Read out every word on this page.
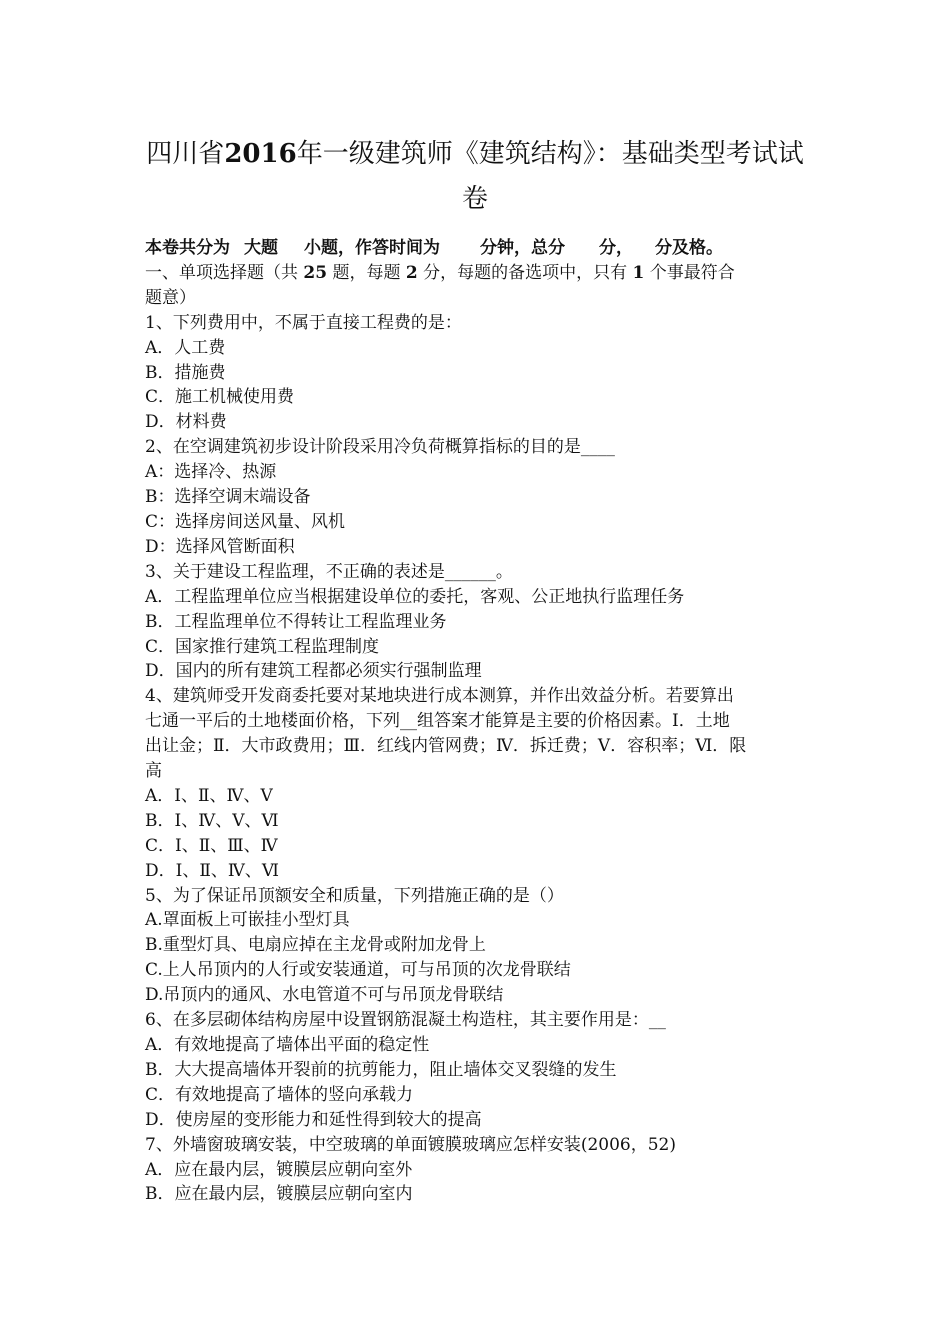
四川省2016年一级建筑师《建筑结构》：基础类型考试试
卷
本卷共分为 大题 小题，作答时间为 分钟，总分 分， 分及格。
一、单项选择题（共 25 题，每题 2 分，每题的备选项中，只有 1 个事最符合
题意）
1、下列费用中，不属于直接工程费的是：
A．人工费
B．措施费
C．施工机械使用费
D．材料费
2、在空调建筑初步设计阶段采用冷负荷概算指标的目的是____
A：选择冷、热源
B：选择空调末端设备
C：选择房间送风量、风机
D：选择风管断面积
3、关于建设工程监理，不正确的表述是______。
A．工程监理单位应当根据建设单位的委托，客观、公正地执行监理任务
B．工程监理单位不得转让工程监理业务
C．国家推行建筑工程监理制度
D．国内的所有建筑工程都必须实行强制监理
4、建筑师受开发商委托要对某地块进行成本测算，并作出效益分析。若要算出
七通一平后的土地楼面价格，下列__组答案才能算是主要的价格因素。Ⅰ．土地
出让金；Ⅱ．大市政费用；Ⅲ．红线内管网费；Ⅳ．拆迁费；Ⅴ．容积率；Ⅵ．限
高
A．Ⅰ、Ⅱ、Ⅳ、Ⅴ
B．Ⅰ、Ⅳ、Ⅴ、Ⅵ
C．Ⅰ、Ⅱ、Ⅲ、Ⅳ
D．Ⅰ、Ⅱ、Ⅳ、Ⅵ
5、为了保证吊顶额安全和质量，下列措施正确的是（）
A.罩面板上可嵌挂小型灯具
B.重型灯具、电扇应掉在主龙骨或附加龙骨上
C.上人吊顶内的人行或安装通道，可与吊顶的次龙骨联结
D.吊顶内的通风、水电管道不可与吊顶龙骨联结
6、在多层砌体结构房屋中设置钢筋混凝土构造柱，其主要作用是：__
A．有效地提高了墙体出平面的稳定性
B．大大提高墙体开裂前的抗剪能力，阻止墙体交叉裂缝的发生
C．有效地提高了墙体的竖向承载力
D．使房屋的变形能力和延性得到较大的提高
7、外墙窗玻璃安装，中空玻璃的单面镀膜玻璃应怎样安装(2006，52)
A．应在最内层，镀膜层应朝向室外
B．应在最内层，镀膜层应朝向室内
